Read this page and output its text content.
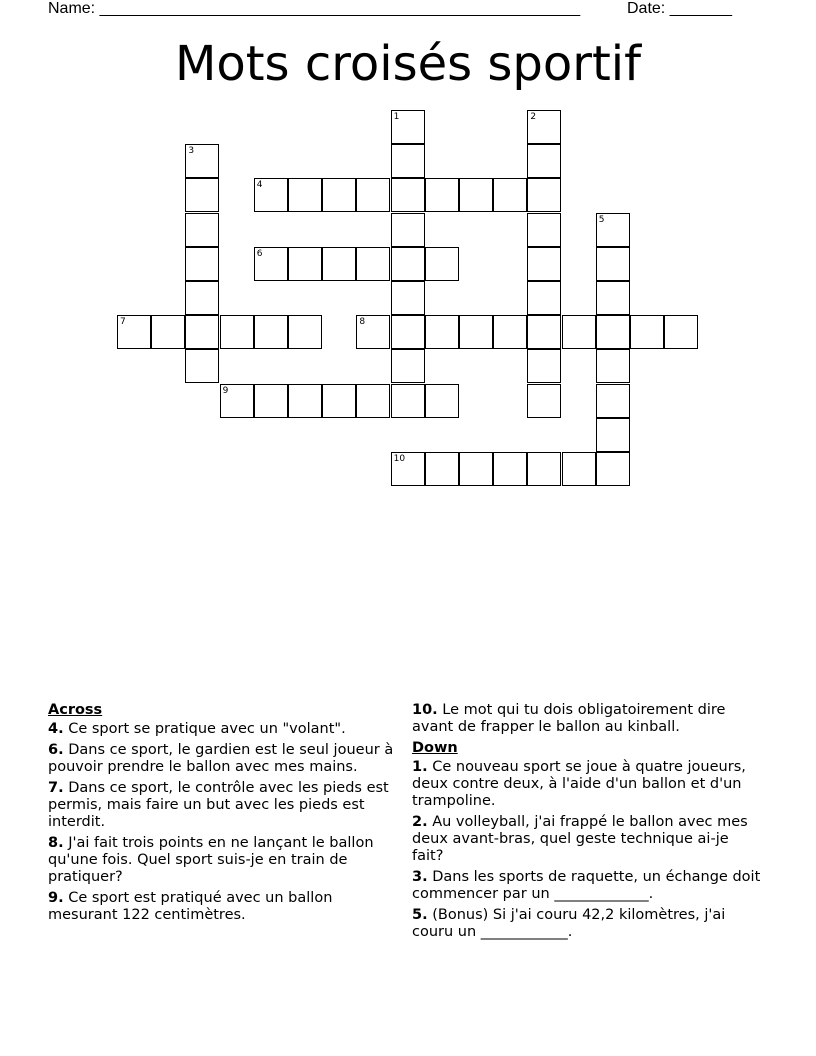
Name: ______________________________________________________	Date: _______
Mots croisés sportif
1	2
3
4
5
6
7	8
9
10
Across
4. Ce sport se pratique avec un "volant".
6. Dans ce sport, le gardien est le seul joueur à pouvoir prendre le ballon avec mes mains.
7. Dans ce sport, le contrôle avec les pieds est permis, mais faire un but avec les pieds est interdit.
8. J'ai fait trois points en ne lançant le ballon qu'une fois. Quel sport suis-je en train de pratiquer?
9. Ce sport est pratiqué avec un ballon mesurant 122 centimètres.
10. Le mot qui tu dois obligatoirement dire avant de frapper le ballon au kinball.
Down
1. Ce nouveau sport se joue à quatre joueurs, deux contre deux, à l'aide d'un ballon et d'un trampoline.
2. Au volleyball, j'ai frappé le ballon avec mes deux avant-bras, quel geste technique ai-je fait?
3. Dans les sports de raquette, un échange doit commencer par un _____________.
5. (Bonus) Si j'ai couru 42,2 kilomètres, j'ai couru un ____________.
